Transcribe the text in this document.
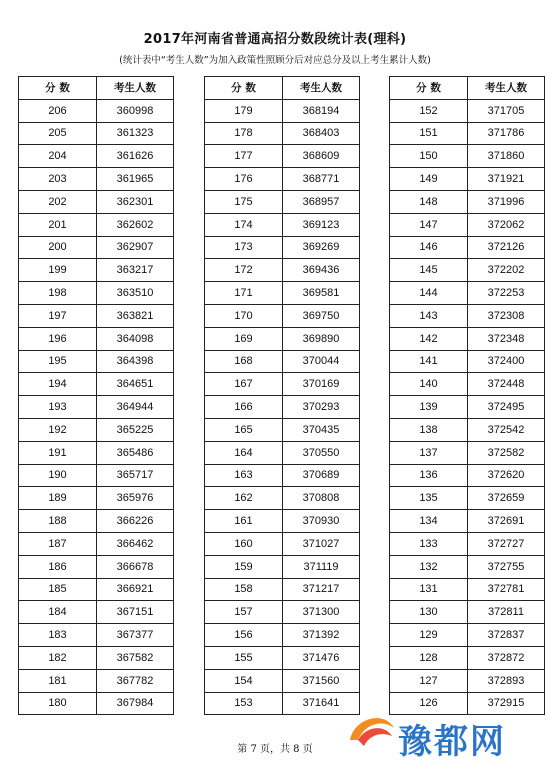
2017年河南省普通高招分数段统计表(理科)
(统计表中“考生人数”为加入政策性照顾分后对应总分及以上考生累计人数)
分 数	考生人数
206	360998
205	361323
204	361626
203	361965
202	362301
201	362602
200	362907
199	363217
198	363510
197	363821
196	364098
195	364398
194	364651
193	364944
192	365225
191	365486
190	365717
189	365976
188	366226
187	366462
186	366678
185	366921
184	367151
183	367377
182	367582
181	367782
180	367984
分 数	考生人数
179	368194
178	368403
177	368609
176	368771
175	368957
174	369123
173	369269
172	369436
171	369581
170	369750
169	369890
168	370044
167	370169
166	370293
165	370435
164	370550
163	370689
162	370808
161	370930
160	371027
159	371119
158	371217
157	371300
156	371392
155	371476
154	371560
153	371641
分 数	考生人数
152	371705
151	371786
150	371860
149	371921
148	371996
147	372062
146	372126
145	372202
144	372253
143	372308
142	372348
141	372400
140	372448
139	372495
138	372542
137	372582
136	372620
135	372659
134	372691
133	372727
132	372755
131	372781
130	372811
129	372837
128	372872
127	372893
126	372915
第 7 页，共 8 页	豫都网
